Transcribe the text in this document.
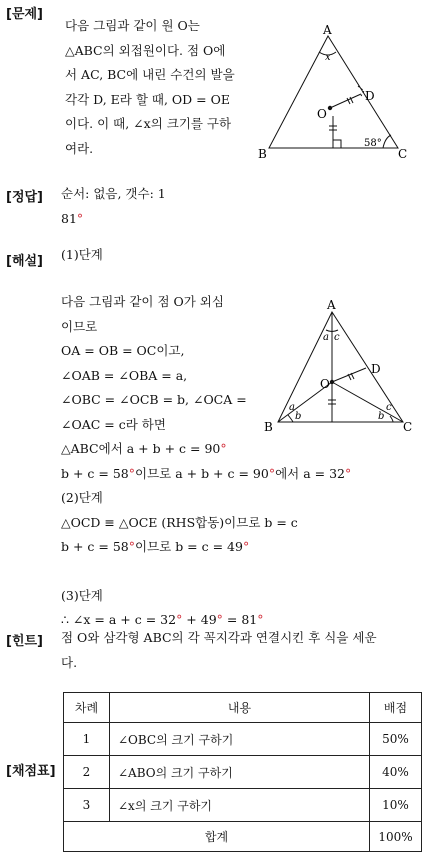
[문제]
[정답]
[해설]
[힌트]
[채점표]
다음 그림과 같이 원 O는
△ABC의 외접원이다. 점 O에
서 AC, BC에 내린 수건의 발을
각각 D, E라 할 때, OD = OE
이다. 이 때, ∠x의 크기를 구하
여라.
A
B	C
D
O
x
58°
순서: 없음, 갯수: 1
81°
(1)단계
다음 그림과 같이 점 O가 외심
이므로
OA = OB = OC이고,
∠OAB = ∠OBA = a,
∠OBC = ∠OCB = b, ∠OCA =
∠OAC = c라 하면
△ABC에서 a + b + c = 90°
b + c = 58°이므로 a + b + c = 90°에서 a = 32°
(2)단계
△OCD ≡ △OCE (RHS합동)이므로 b = c
b + c = 58°이므로 b = c = 49°
(3)단계
∴ ∠x = a + c = 32° + 49° = 81°
A
B	C
D
O
a c
a
b	b
c
점 O와 삼각형 ABC의 각 꼭지각과 연결시킨 후 식을 세운
다.
차례	내용	배점
1	∠OBC의 크기 구하기	50%
2	∠ABO의 크기 구하기	40%
3	∠x의 크기 구하기	10%
합계		100%
